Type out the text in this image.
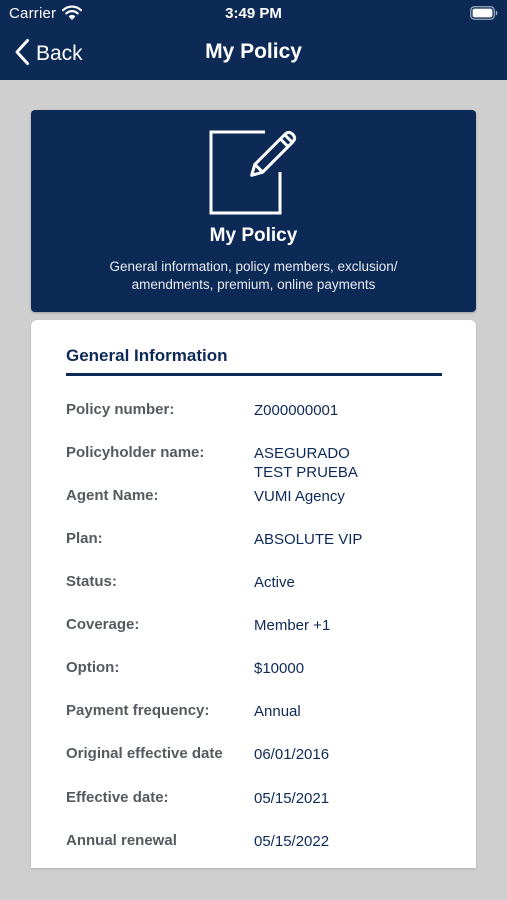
Carrier	3:49 PM
Back	My Policy
My Policy
General information, policy members, exclusion/ amendments, premium, online payments
General Information
Policy number:	Z000000001
Policyholder name:	ASEGURADO
TEST PRUEBA
Agent Name:	VUMI Agency
Plan:	ABSOLUTE VIP
Status:	Active
Coverage:	Member +1
Option:	$10000
Payment frequency:	Annual
Original effective date	06/01/2016
Effective date:	05/15/2021
Annual renewal	05/15/2022
